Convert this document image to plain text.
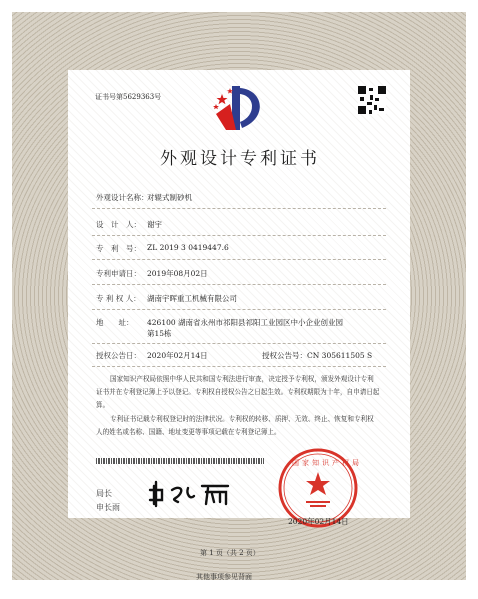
证书号第5629363号
外观设计专利证书
外观设计名称：
对辊式制砂机
设　计　人： 谢宇
专　利　号： ZL 2019 3 0419447.6
专利申请日： 2019年08月02日
专 利 权 人： 湖南宇晖重工机械有限公司
地　　址： 426100 湖南省永州市祁阳县祁阳工业园区中小企业创业园第15栋
授权公告日： 2020年02月14日	授权公告号：CN 305611505 S
国家知识产权局依照中华人民共和国专利法进行审查，决定授予专利权，颁发外观设计专利证书并在专利登记簿上予以登记。专利权自授权公告之日起生效。专利权期限为十年，自申请日起算。
专利证书记载专利权登记时的法律状况。专利权的转移、质押、无效、终止、恢复和专利权人的姓名或名称、国籍、地址变更等事项记载在专利登记簿上。
局长
申长雨
国家知识产权局
2020年02月14日
第 1 页（共 2 页）
其他事项参见背面
